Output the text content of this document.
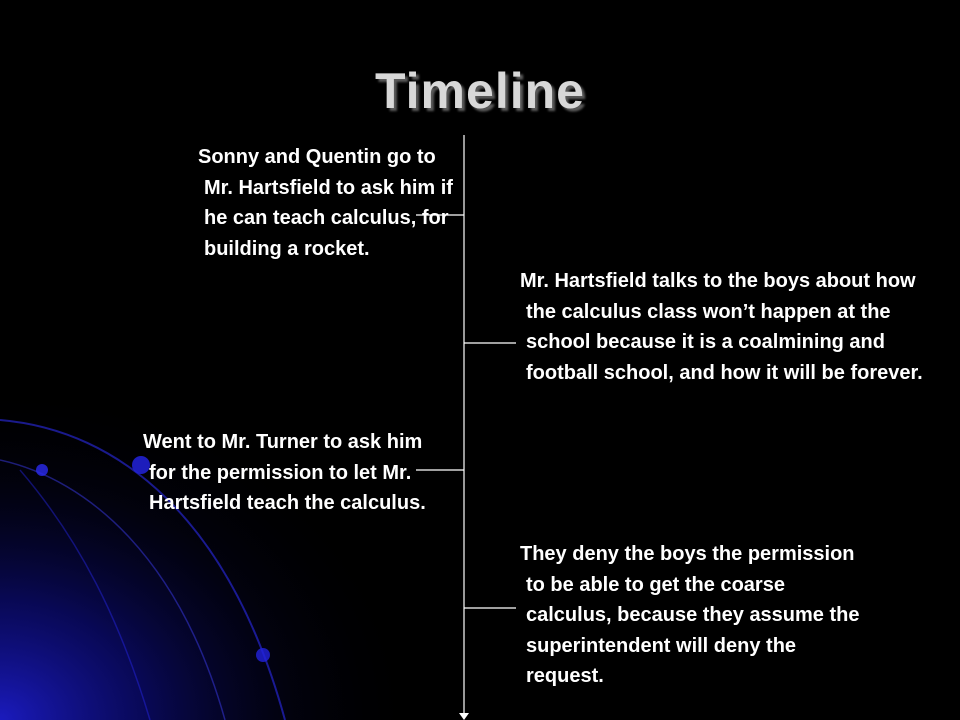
Timeline
Sonny and Quentin go to Mr. Hartsfield to ask him if he can teach calculus, for building a rocket.
Mr. Hartsfield talks to the boys about how the calculus class won’t happen at the school because it is a coalmining and football school, and how it will be forever.
Went to Mr. Turner to ask him for the permission to let Mr. Hartsfield teach the calculus.
They deny the boys the permission to be able to get the coarse calculus, because they assume the superintendent will deny the request.
